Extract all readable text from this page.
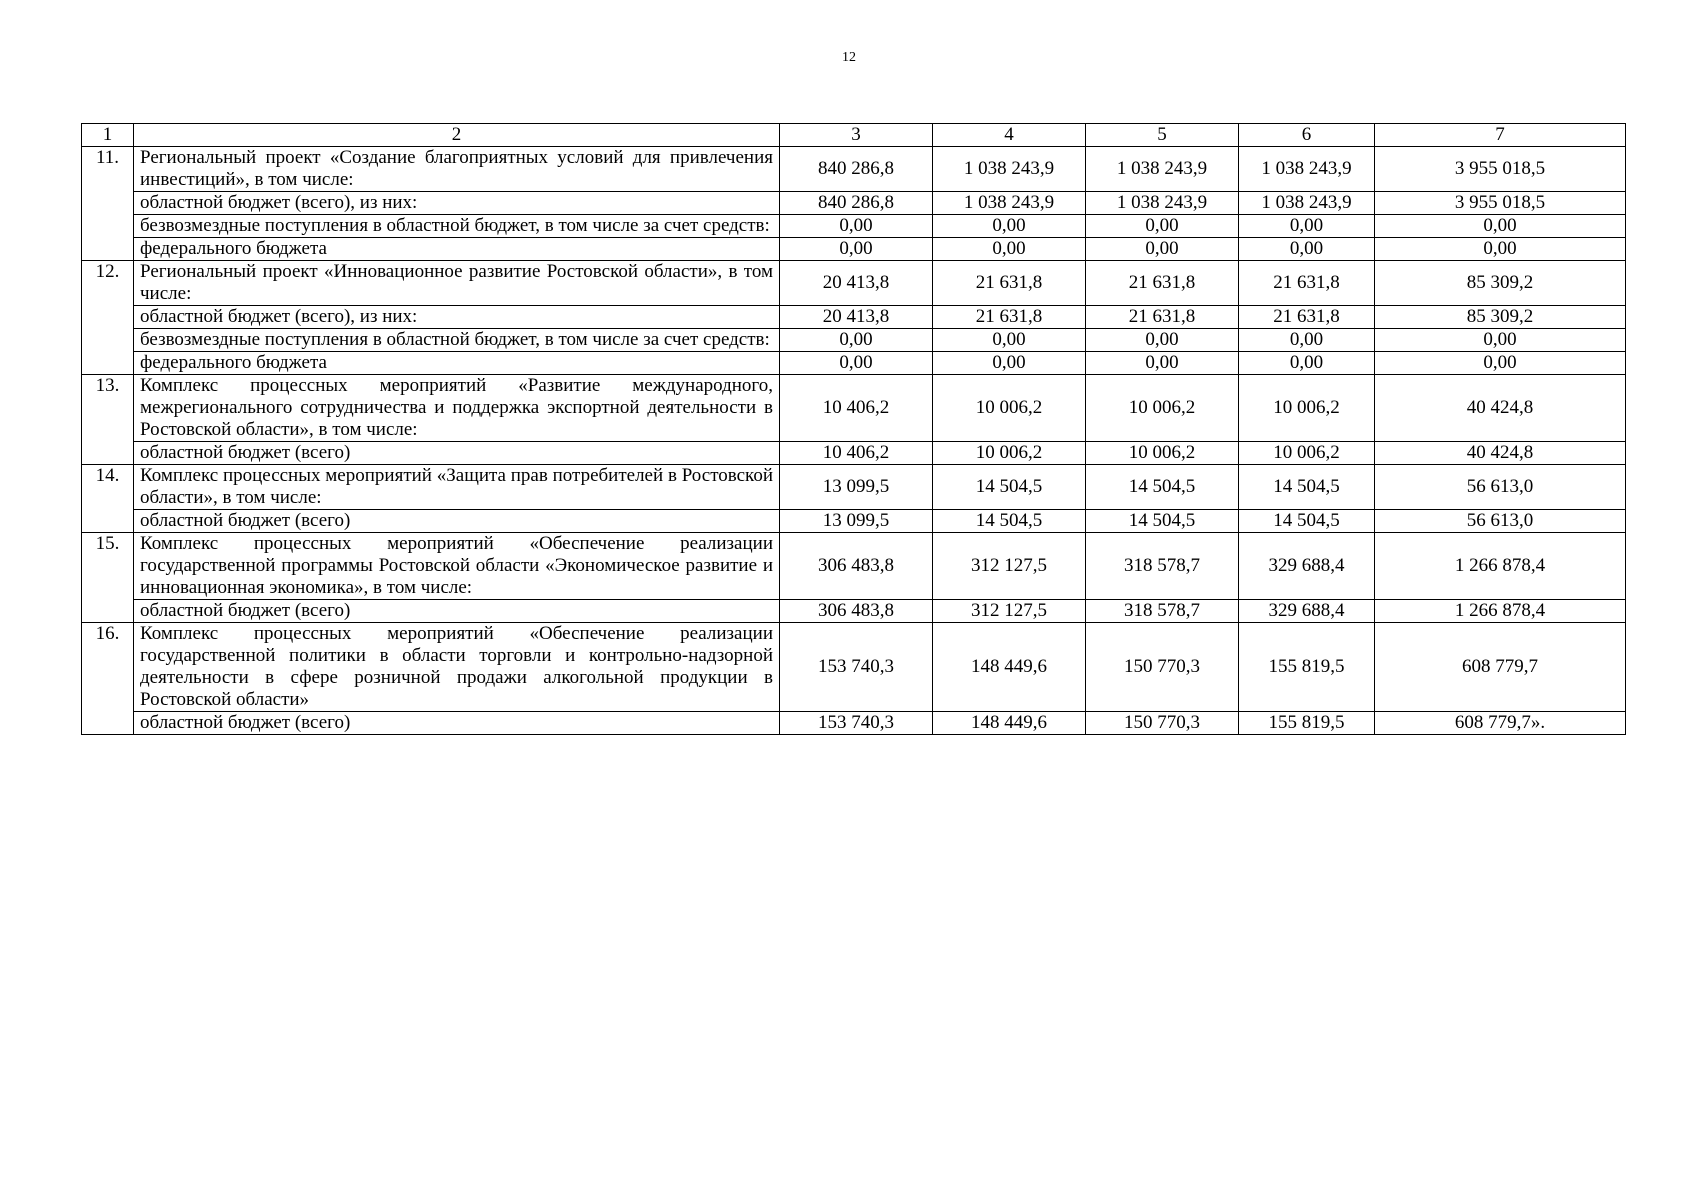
12
1	2	3	4	5	6	7
11.	Региональный проект «Создание благоприятных условий для привлечения инвестиций», в том числе:	840 286,8	1 038 243,9	1 038 243,9	1 038 243,9	3 955 018,5
	областной бюджет (всего), из них:	840 286,8	1 038 243,9	1 038 243,9	1 038 243,9	3 955 018,5
	безвозмездные поступления в областной бюджет, в том числе за счет средств:	0,00	0,00	0,00	0,00	0,00
	федерального бюджета	0,00	0,00	0,00	0,00	0,00
12.	Региональный проект «Инновационное развитие Ростовской области», в том числе:	20 413,8	21 631,8	21 631,8	21 631,8	85 309,2
	областной бюджет (всего), из них:	20 413,8	21 631,8	21 631,8	21 631,8	85 309,2
	безвозмездные поступления в областной бюджет, в том числе за счет средств:	0,00	0,00	0,00	0,00	0,00
	федерального бюджета	0,00	0,00	0,00	0,00	0,00
13.	Комплекс процессных мероприятий «Развитие международного, межрегионального сотрудничества и поддержка экспортной деятельности в Ростовской области», в том числе:	10 406,2	10 006,2	10 006,2	10 006,2	40 424,8
	областной бюджет (всего)	10 406,2	10 006,2	10 006,2	10 006,2	40 424,8
14.	Комплекс процессных мероприятий «Защита прав потребителей в Ростовской области», в том числе:	13 099,5	14 504,5	14 504,5	14 504,5	56 613,0
	областной бюджет (всего)	13 099,5	14 504,5	14 504,5	14 504,5	56 613,0
15.	Комплекс процессных мероприятий «Обеспечение реализации государственной программы Ростовской области «Экономическое развитие и инновационная экономика», в том числе:	306 483,8	312 127,5	318 578,7	329 688,4	1 266 878,4
	областной бюджет (всего)	306 483,8	312 127,5	318 578,7	329 688,4	1 266 878,4
16.	Комплекс процессных мероприятий «Обеспечение реализации государственной политики в области торговли и контрольно-надзорной деятельности в сфере розничной продажи алкогольной продукции в Ростовской области»	153 740,3	148 449,6	150 770,3	155 819,5	608 779,7
	областной бюджет (всего)	153 740,3	148 449,6	150 770,3	155 819,5	608 779,7».
